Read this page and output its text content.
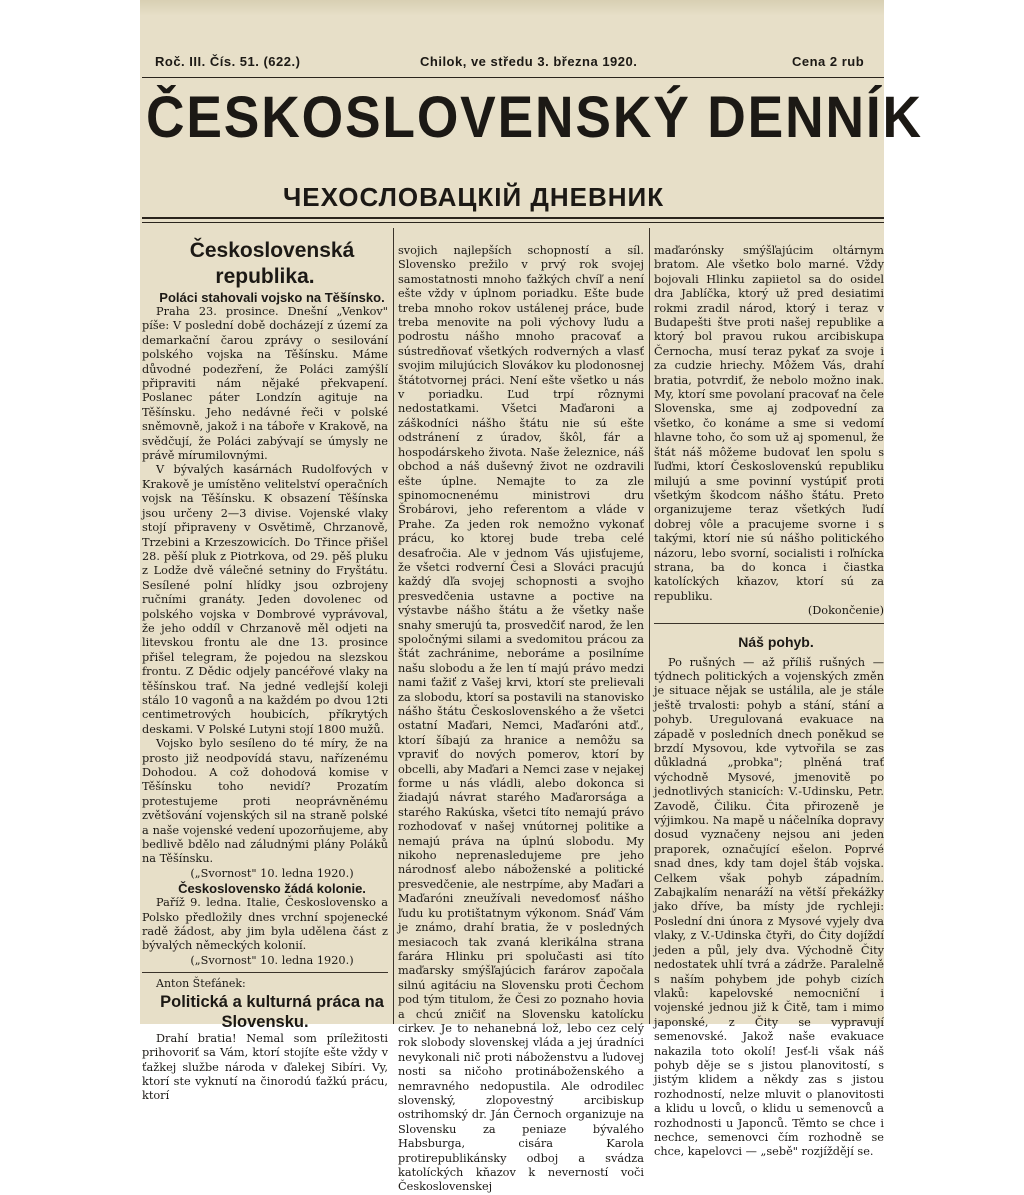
Roč. III. Čís. 51. (622.)	Chilok, ve středu 3. března 1920.	Cena 2 rub
ČESKOSLOVENSKÝ DENNÍK
ЧЕХОСЛОВАЦКIЙ ДНЕВНИК

Československá republika.

Poláci stahovali vojsko na Těšínsko.

Praha 23. prosince. Dnešní „Venkov" píše: V poslední době docházejí z území za demarkační čarou zprávy o sesilování polského vojska na Těšínsku. Máme důvodné podezření, že Poláci zamýšlí připraviti nám nějaké překvapení. Poslanec páter Londzín agituje na Těšínsku. Jeho nedávné řeči v polské sněmovně, jakož i na táboře v Krakově, na svědčují, že Poláci zabývají se úmysly ne právě mírumilovnými.

V bývalých kasárnách Rudolfových v Krakově je umístěno velitelství operačních vojsk na Těšínsku. K obsazení Těšínska jsou určeny 2—3 divise. Vojenské vlaky stojí připraveny v Osvětimě, Chrzanově, Trzebini a Krzeszowicích. Do Třince přišel 28. pěší pluk z Piotrkova, od 29. pěš pluku z Lodže dvě válečné setniny do Fryštátu. Sesílené polní hlídky jsou ozbrojeny ručními granáty. Jeden dovolenec od polského vojska v Dombrové vyprávoval, že jeho oddíl v Chrzanově měl odjeti na litevskou frontu ale dne 13. prosince přišel telegram, že pojedou na slezskou frontu. Z Dědic odjely pancéřové vlaky na těšínskou trať. Na jedné vedlejší koleji stálo 10 vagonů a na každém po dvou 12ti centimetrových houbicích, příkrytých deskami. V Polské Lutyni stojí 1800 mužů.

Vojsko bylo sesíleno do té míry, že na prosto již neodpovídá stavu, nařízenému Dohodou. A což dohodová komise v Těšínsku toho nevidí? Prozatím protestujeme proti neoprávněnému zvětšování vojenských sil na straně polské a naše vojenské vedení upozorňujeme, aby bedlivě bdělo nad záludnými plány Poláků na Těšínsku.

(„Svornost" 10. ledna 1920.)

Československo žádá kolonie.

Paříž 9. ledna. Italie, Československo a Polsko předložily dnes vrchní spojenecké radě žádost, aby jim byla udělena část z bývalých německých kolonií.

(„Svornost" 10. ledna 1920.)

Anton Štefánek:

Politická a kulturná práca na Slovensku.

Drahí bratia! Nemal som príležitosti prihovoriť sa Vám, ktorí stojíte ešte vždy v ťažkej službe národa v ďalekej Sibíri. Vy, ktorí ste vyknutí na činorodú ťažkú prácu, ktorí

svojich najlepších schopností a síl. Slovensko prežilo v prvý rok svojej samostatnosti mnoho ťažkých chvíľ a není ešte vždy v úplnom poriadku. Ešte bude treba mnoho rokov ustálenej práce, bude treba menovite na poli výchovy ľudu a podrostu nášho mnoho pracovať a sústredňovať všetkých rodverných a vlasť svojim milujúcich Slovákov ku plodonosnej štátotvornej práci. Není ešte všetko u nás v poriadku. Ľud trpí rôznymi nedostatkami. Všetci Maďaroni a záškodníci nášho štátu nie sú ešte odstránení z úradov, škôl, fár a hospodárskeho života. Naše železnice, náš obchod a náš duševný život ne ozdravili ešte úplne. Nemajte to za zle spinomocnenému ministrovi dru Šrobárovi, jeho referentom a vláde v Prahe. Za jeden rok nemožno vykonať prácu, ko ktorej bude treba celé desaťročia. Ale v jednom Vás ujisťujeme, že všetci rodverní Česi a Slováci pracujú každý dľa svojej schopnosti a svojho presvedčenia ustavne a poctive na výstavbe nášho štátu a že všetky naše snahy smerujú ta, prosvedčiť narod, že len spoločnými silami a svedomitou prácou za štát zachránime, neboráme a posilníme našu slobodu a že len tí majú právo medzi nami ťažiť z Vašej krvi, ktorí ste prelievali za slobodu, ktorí sa postavili na stanovisko nášho štátu Československého a že všetci ostatní Maďari, Nemci, Maďaróni atď., ktorí šíbajú za hranice a nemôžu sa vpraviť do nových pomerov, ktorí by obcelli, aby Maďari a Nemci zase v nejakej forme u nás vládli, alebo dokonca si žiadajú návrat starého Maďarorsága a starého Rakúska, všetci títo nemajú právo rozhodovať v našej vnútornej politike a nemajú práva na úplnú slobodu. My nikoho neprenasledujeme pre jeho národnosť alebo náboženské a politické presvedčenie, ale nestrpíme, aby Maďari a Maďaróni zneužívali nevedomosť nášho ľudu ku protištatnym výkonom. Snáď Vám je známo, drahí bratia, že v posledných mesiacoch tak zvaná klerikálna strana farára Hlinku pri spolučasti asi títo maďarsky smýšľajúcich farárov započala silnú agitáciu na Slovensku proti Čechom pod tým titulom, že Česi zo poznaho hovia a chcú zničiť na Slovensku katolícku cirkev. Je to nehanebná lož, lebo cez celý rok slobody slovenskej vláda a jej úradníci nevykonali nič proti náboženstvu a ľudovej nosti sa ničoho protináboženského a nemravného nedopustila. Ale odrodilec slovenský, zlopovestný arcibiskup ostrihomský dr. Ján Černoch organizuje na Slovensku za peniaze bývalého Habsburga, cisára Karola protirepublikánsky odboj a svádza katolíckých kňazov k neverností voči Československej

maďarónsky smýšľajúcim oltárnym bratom. Ale všetko bolo marné. Vždy bojovali Hlinku zapiietol sa do osidel dra Jablíčka, ktorý už pred desiatimi rokmi zradil národ, ktorý i teraz v Budapešti štve proti našej republike a ktorý bol pravou rukou arcibiskupa Černocha, musí teraz pykať za svoje i za cudzie hriechy. Môžem Vás, drahí bratia, potvrdiť, že nebolo možno inak. My, ktorí sme povolaní pracovať na čele Slovenska, sme aj zodpovední za všetko, čo konáme a sme si vedomí hlavne toho, čo som už aj spomenul, že štát náš môžeme budovať len spolu s ľuďmi, ktorí Československú republiku milujú a sme povinní vystúpiť proti všetkým škodcom nášho štátu. Preto organizujeme teraz všetkých ľudí dobrej vôle a pracujeme svorne i s takými, ktorí nie sú nášho politického názoru, lebo svorní, socialisti i roľnícka strana, ba do konca i čiastka katolíckých kňazov, ktorí sú za republiku.

(Dokončenie)

Náš pohyb.

Po rušných — až příliš rušných — týdnech politických a vojenských změn je situace nějak se ustálila, ale je stále ještě trvalosti: pohyb a stání, stání a pohyb. Uregulovaná evakuace na západě v posledních dnech poněkud se brzdí Mysovou, kde vytvořila se zas důkladná „probka"; plněná trať východně Mysové, jmenovitě po jednotlivých stanicích: V.-Udinsku, Petr. Zavodě, Čiliku. Čita přirozeně je výjimkou. Na mapě u náčelníka dopravy dosud vyznačeny nejsou ani jeden praporek, označující ešelon. Poprvé snad dnes, kdy tam dojel štáb vojska. Celkem však pohyb západním. Zabajkalím nenaráží na větší překážky jako dříve, ba místy jde rychleji: Poslední dni února z Mysové vyjely dva vlaky, z V.-Udinska čtyři, do Čity dojíždí jeden a půl, jely dva. Východně Čity nedostatek uhlí tvrá a zádrže. Paralelně s naším pohybem jde pohyb cizích vlaků: kapelovské nemocniční i vojenské jednou již k Čitě, tam i mimo japonské, z Čity se vypravují semenovské. Jakož naše evakuace nakazila toto okolí! Jesť-li však náš pohyb děje se s jistou planovitostí, s jistým klidem a někdy zas s jistou rozhodností, nelze mluvit o planovitosti a klidu u lovců, o klidu u semenovců a rozhodnosti u Japonců. Těmto se chce i nechce, semenovci čím rozhodně se chce, kapelovci — „sebě" rozjíždějí se.
